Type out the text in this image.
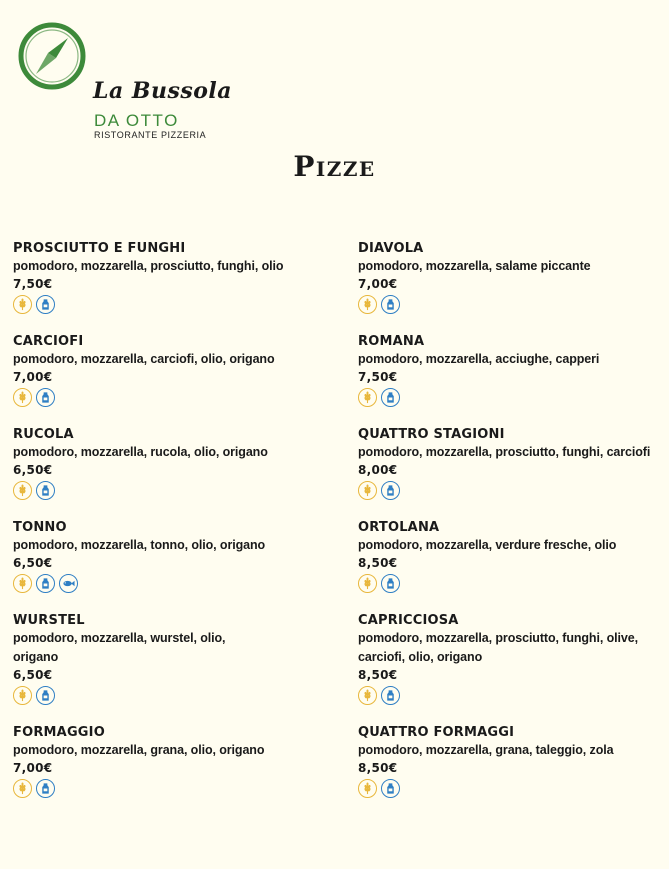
La Bussola
DA OTTO
RISTORANTE PIZZERIA
Pizze
PROSCIUTTO E FUNGHI
pomodoro, mozzarella, prosciutto, funghi, olio
7,50€
CARCIOFI
pomodoro, mozzarella, carciofi, olio, origano
7,00€
RUCOLA
pomodoro, mozzarella, rucola, olio, origano
6,50€
TONNO
pomodoro, mozzarella, tonno, olio, origano
6,50€
WURSTEL
pomodoro, mozzarella, wurstel, olio,
origano
6,50€
FORMAGGIO
pomodoro, mozzarella, grana, olio, origano
7,00€
DIAVOLA
pomodoro, mozzarella, salame piccante
7,00€
ROMANA
pomodoro, mozzarella, acciughe, capperi
7,50€
QUATTRO STAGIONI
pomodoro, mozzarella, prosciutto, funghi, carciofi
8,00€
ORTOLANA
pomodoro, mozzarella, verdure fresche, olio
8,50€
CAPRICCIOSA
pomodoro, mozzarella, prosciutto, funghi, olive,
carciofi, olio, origano
8,50€
QUATTRO FORMAGGI
pomodoro, mozzarella, grana, taleggio, zola
8,50€
